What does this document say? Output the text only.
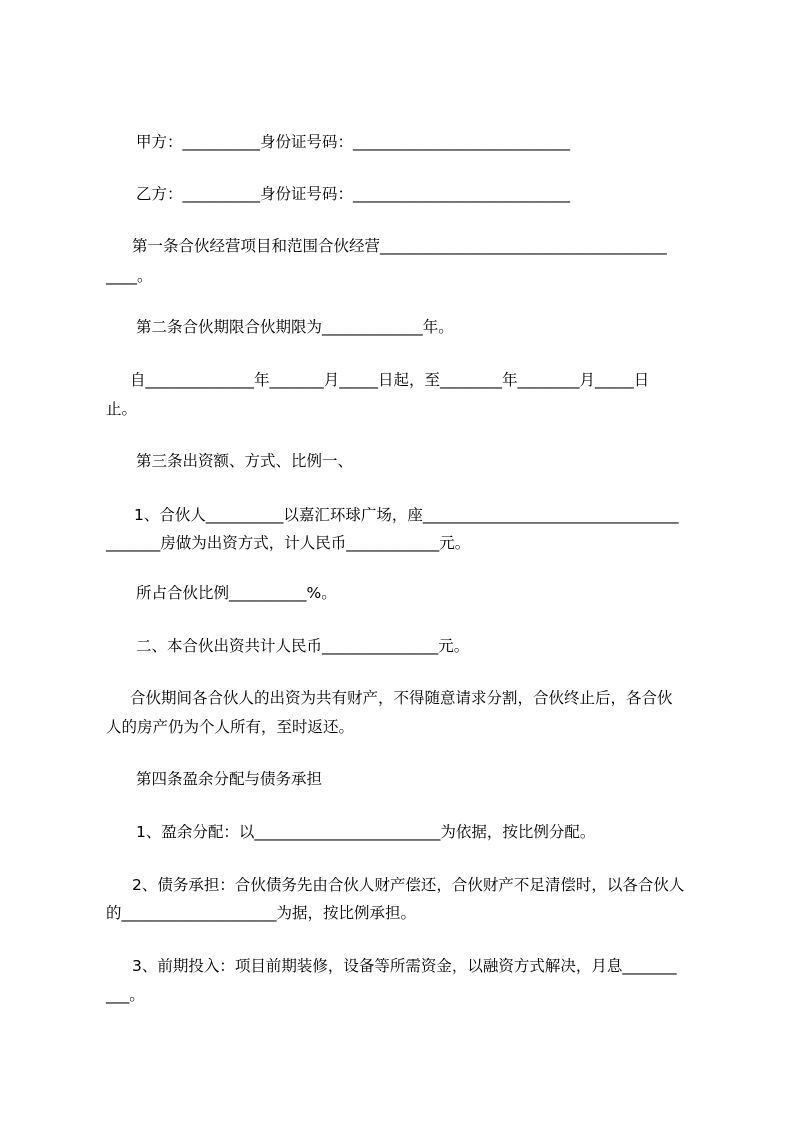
甲方：__________身份证号码：____________________________

乙方：__________身份证号码：____________________________

第一条合伙经营项目和范围合伙经营_____________________________________

____。

第二条合伙期限合伙期限为_____________年。

自______________年_______月_____日起，至________年________月_____日

止。

第三条出资额、方式、比例一、

1、合伙人__________以嘉汇环球广场，座_________________________________

_______房做为出资方式，计人民币____________元。

所占合伙比例__________%。

二、本合伙出资共计人民币_______________元。

合伙期间各合伙人的出资为共有财产，不得随意请求分割，合伙终止后，各合伙

人的房产仍为个人所有，至时返还。

第四条盈余分配与债务承担

1、盈余分配：以________________________为依据，按比例分配。

2、债务承担：合伙债务先由合伙人财产偿还，合伙财产不足清偿时，以各合伙人

的____________________为据，按比例承担。

3、前期投入：项目前期装修，设备等所需资金，以融资方式解决，月息_______

___。
